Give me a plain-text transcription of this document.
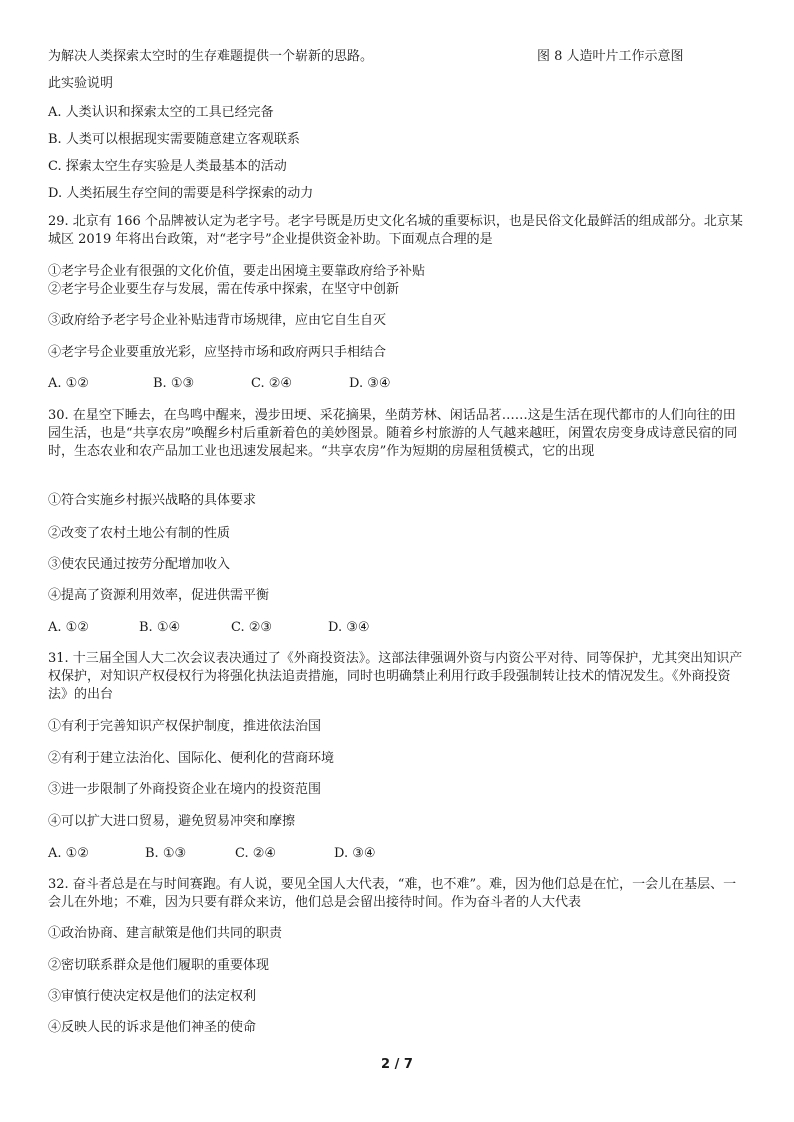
为解决人类探索太空时的生存难题提供一个崭新的思路。	图 8 人造叶片工作示意图
此实验说明
A. 人类认识和探索太空的工具已经完备
B. 人类可以根据现实需要随意建立客观联系
C. 探索太空生存实验是人类最基本的活动
D. 人类拓展生存空间的需要是科学探索的动力
29. 北京有 166 个品牌被认定为老字号。老字号既是历史文化名城的重要标识，也是民俗文化最鲜活的组成部分。北京某城区 2019 年将出台政策，对“老字号”企业提供资金补助。下面观点合理的是
①老字号企业有很强的文化价值，要走出困境主要靠政府给予补贴
②老字号企业要生存与发展，需在传承中探索，在坚守中创新
③政府给予老字号企业补贴违背市场规律，应由它自生自灭
④老字号企业要重放光彩，应坚持市场和政府两只手相结合
A. ①②	B. ①③	C. ②④	D. ③④
30. 在星空下睡去，在鸟鸣中醒来，漫步田埂、采花摘果，坐荫芳林、闲话品茗……这是生活在现代都市的人们向往的田园生活，也是“共享农房”唤醒乡村后重新着色的美妙图景。随着乡村旅游的人气越来越旺，闲置农房变身成诗意民宿的同时，生态农业和农产品加工业也迅速发展起来。“共享农房”作为短期的房屋租赁模式，它的出现
①符合实施乡村振兴战略的具体要求
②改变了农村土地公有制的性质
③使农民通过按劳分配增加收入
④提高了资源利用效率，促进供需平衡
A. ①②	B. ①④	C. ②③	D. ③④
31. 十三届全国人大二次会议表决通过了《外商投资法》。这部法律强调外资与内资公平对待、同等保护，尤其突出知识产权保护，对知识产权侵权行为将强化执法追责措施，同时也明确禁止利用行政手段强制转让技术的情况发生。《外商投资法》的出台
①有利于完善知识产权保护制度，推进依法治国
②有利于建立法治化、国际化、便利化的营商环境
③进一步限制了外商投资企业在境内的投资范围
④可以扩大进口贸易，避免贸易冲突和摩擦
A. ①②	B. ①③	C. ②④	D. ③④
32. 奋斗者总是在与时间赛跑。有人说，要见全国人大代表，“难，也不难”。难，因为他们总是在忙，一会儿在基层、一会儿在外地；不难，因为只要有群众来访，他们总是会留出接待时间。作为奋斗者的人大代表
①政治协商、建言献策是他们共同的职责
②密切联系群众是他们履职的重要体现
③审慎行使决定权是他们的法定权利
④反映人民的诉求是他们神圣的使命
2 / 7
